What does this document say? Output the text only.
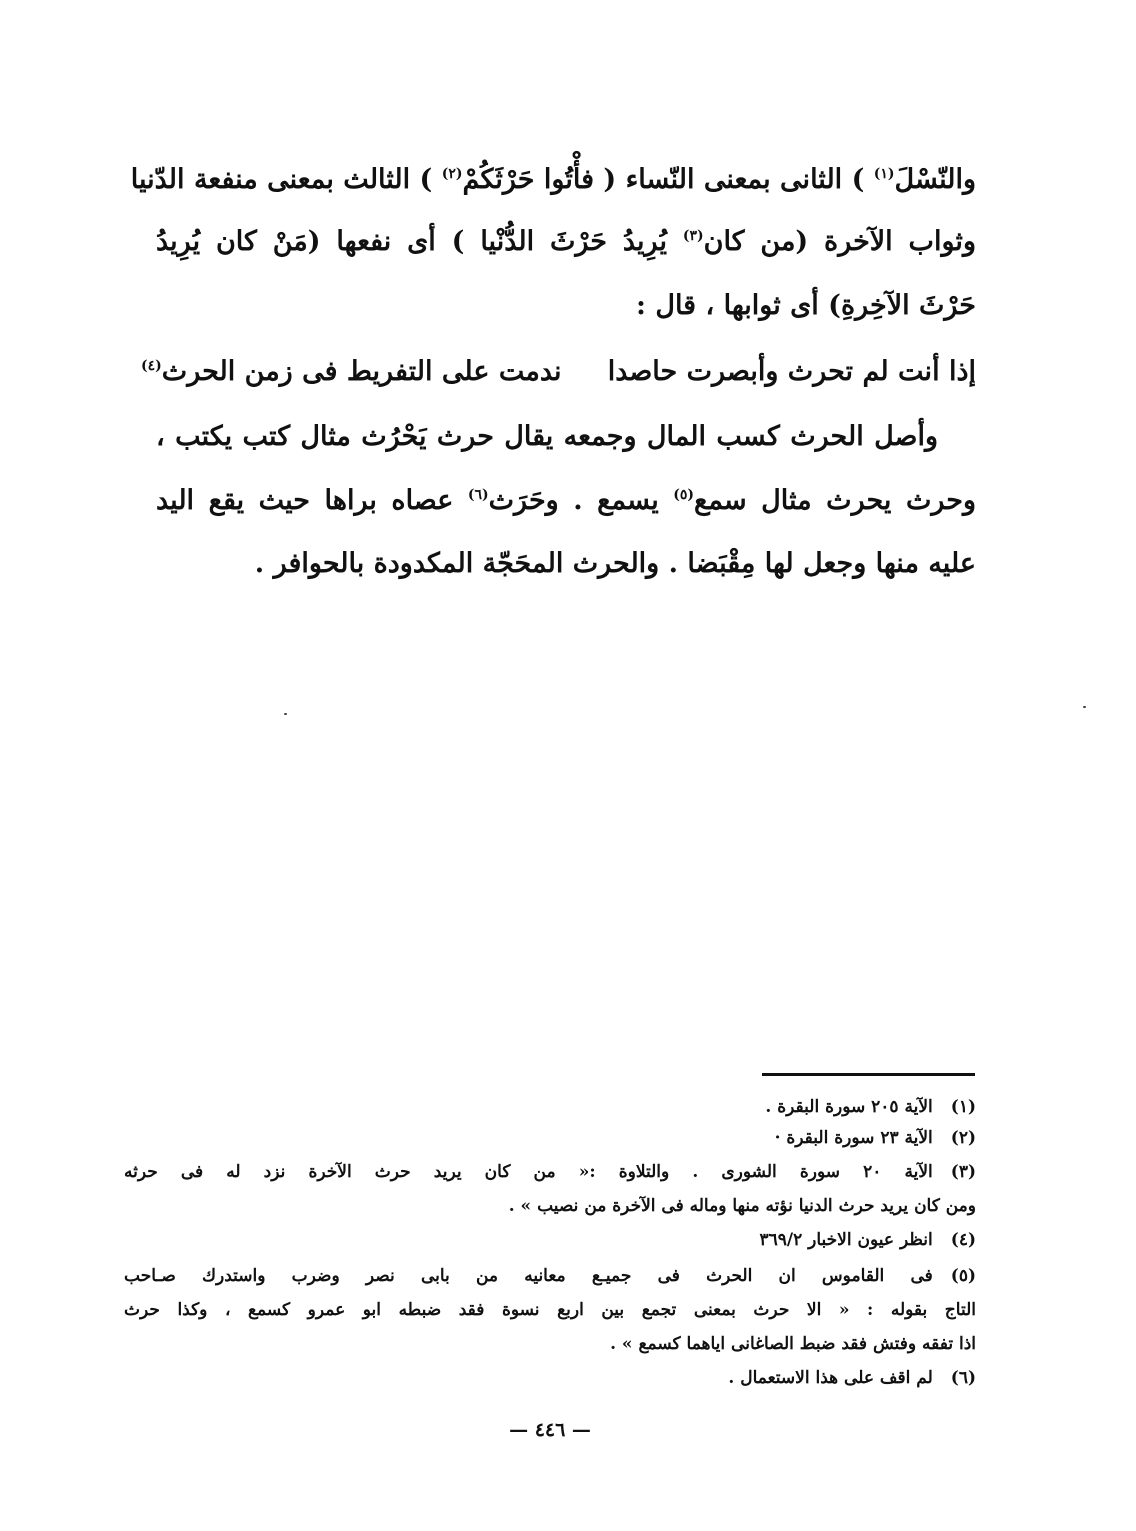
والنّسْلَ$^{(١)}$ ) الثانى بمعنى النّساء ( فأْتُوا حَرْثَكُمْ$^{(٢)}$ ) الثالث بمعنى منفعة الدّنيا
وثواب الآخرة (من كان$^{(٣)}$ يُرِيدُ حَرْثَ الدُّنْيا ) أى نفعها (مَنْ كان يُرِيدُ
حَرْثَ الآخِرةِ) أى ثوابها ، قال :
إذا أنت لم تحرث وأبصرت حاصدا
ندمت على التفريط فى زمن الحرث$^{(٤)}$
وأصل الحرث كسب المال وجمعه يقال حرث يَحْرُث مثال كتب يكتب ،
وحرث يحرث مثال سمع$^{(٥)}$ يسمع . وحَرَث$^{(٦)}$ عصاه براها حيث يقع اليد
عليه منها وجعل لها مِقْبَضا . والحرث المحَجّة المكدودة بالحوافر .
(١)الآية ٢٠٥ سورة البقرة .
(٢)الآية ٢٣ سورة البقرة ·
(٣)الآية ٢٠ سورة الشورى . والتلاوة :« من كان يريد حرث الآخرة نزد له فى حرثه
ومن كان يريد حرث الدنيا نؤته منها وماله فى الآخرة من نصيب » .
(٤)انظر عيون الاخبار ٣٦٩/٢
(٥)فى القاموس ان الحرث فى جميـع معانيه من بابى نصر وضرب واستدرك صـاحب
التاج بقوله : « الا حرث بمعنى تجمع بين اربع نسوة فقد ضبطه ابو عمرو كسمع ، وكذا حرث
اذا تفقه وفتش فقد ضبط الصاغانى اياهما كسمع » .
(٦)لم اقف على هذا الاستعمال .
— ٤٤٦ —
